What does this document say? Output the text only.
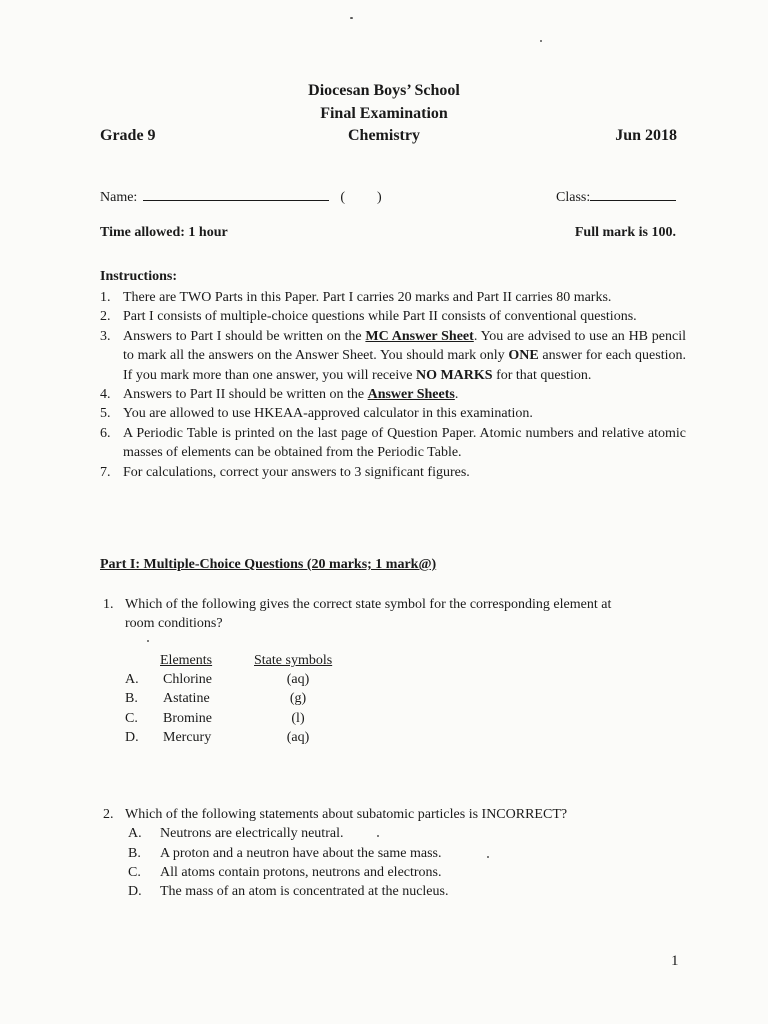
Diocesan Boys’ School
Final Examination
Grade 9	Chemistry	Jun 2018
Name:	( )	Class:
Time allowed: 1 hour	Full mark is 100.
Instructions:
1. There are TWO Parts in this Paper. Part I carries 20 marks and Part II carries 80 marks.
2. Part I consists of multiple-choice questions while Part II consists of conventional questions.
3. Answers to Part I should be written on the MC Answer Sheet. You are advised to use an HB pencil to mark all the answers on the Answer Sheet. You should mark only ONE answer for each question. If you mark more than one answer, you will receive NO MARKS for that question.
4. Answers to Part II should be written on the Answer Sheets.
5. You are allowed to use HKEAA-approved calculator in this examination.
6. A Periodic Table is printed on the last page of Question Paper. Atomic numbers and relative atomic masses of elements can be obtained from the Periodic Table.
7. For calculations, correct your answers to 3 significant figures.
Part I: Multiple-Choice Questions (20 marks; 1 mark@)
1. Which of the following gives the correct state symbol for the corresponding element at
room conditions?
Elements	State symbols
A. Chlorine	(aq)
B. Astatine	(g)
C. Bromine	(l)
D. Mercury	(aq)
2. Which of the following statements about subatomic particles is INCORRECT?
A. Neutrons are electrically neutral.
B. A proton and a neutron have about the same mass.
C. All atoms contain protons, neutrons and electrons.
D. The mass of an atom is concentrated at the nucleus.
1
